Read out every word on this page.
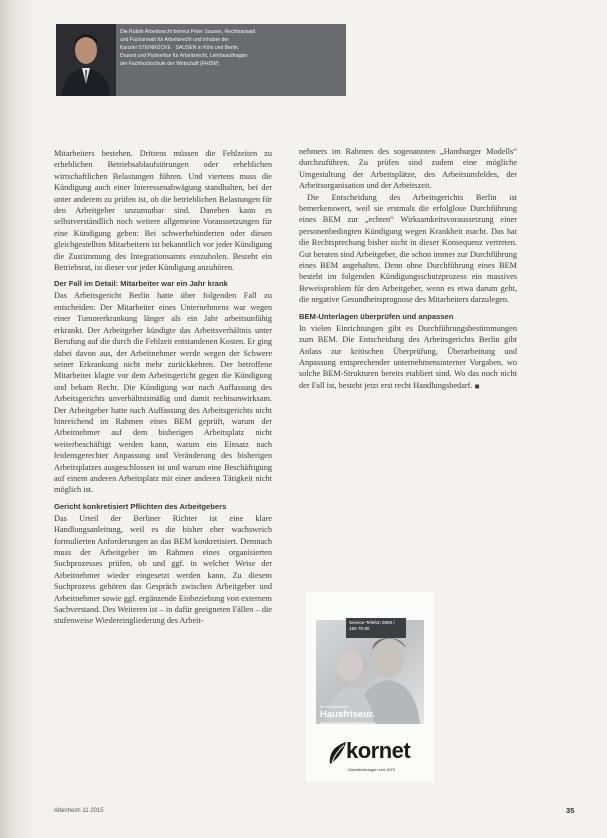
Die Rubrik Arbeitsrecht betreut Peter Sausen, Rechtsanwalt
und Fachanwalt für Arbeitsrecht und Inhaber der
Kanzlei STEINRÜCKE · SAUSEN in Köln und Berlin.
Dozent und Partneritor für Arbeitsrecht, Lehrbeauftragter
der Fachhochschule der Wirtschaft (FHDW)

Mitarbeiters bestehen. Drittens müssen die Fehlzeiten zu erheblichen Betriebsablaufstörungen oder erheblichen wirtschaftlichen Belastungen führen. Und viertens muss die Kündigung auch einer Interessenabwägung standhalten, bei der unter anderem zu prüfen ist, ob die betrieblichen Belastungen für den Arbeitgeber unzumutbar sind. Daneben kann es selbstverständlich noch weitere allgemeine Voraussetzungen für eine Kündigung geben: Bei schwerbehinderten oder diesen gleichgestellten Mitarbeitern ist bekanntlich vor jeder Kündigung die Zustimmung des Integrationsamts einzuholen. Besteht ein Betriebsrat, ist dieser vor jeder Kündigung anzuhören.

Der Fall im Detail: Mitarbeiter war ein Jahr krank

Das Arbeitsgericht Berlin hatte über folgenden Fall zu entscheiden: Der Mitarbeiter eines Unternehmens war wegen einer Tumorerkrankung länger als ein Jahr arbeitsunfähig erkrankt. Der Arbeitgeber kündigte das Arbeitsverhältnis unter Berufung auf die durch die Fehlzeit entstandenen Kosten. Er ging dabei davon aus, der Arbeitnehmer werde wegen der Schwere seiner Erkrankung nicht mehr zurückkehren. Der betroffene Mitarbeiter klagte vor dem Arbeitsgericht gegen die Kündigung und bekam Recht. Die Kündigung war nach Auffassung des Arbeitsgerichts unverhältnismäßig und damit rechtsunwirksam. Der Arbeitgeber hatte nach Auffassung des Arbeitsgerichts nicht hinreichend im Rahmen eines BEM geprüft, warum der Arbeitnehmer auf dem bisherigen Arbeitsplatz nicht weiterbeschäftigt werden kann, warum ein Einsatz nach leidensgerechter Anpassung und Veränderung des bisherigen Arbeitsplatzes ausgeschlossen ist und warum eine Beschäftigung auf einem anderen Arbeitsplatz mit einer anderen Tätigkeit nicht möglich ist.

Gericht konkretisiert Pflichten des Arbeitgebers

Das Urteil der Berliner Richter ist eine klare Handlungsanleitung, weil es die bisher eher wachsweich formulierten Anforderungen an das BEM konkretisiert. Demnach muss der Arbeitgeber im Rahmen eines organisierten Suchprozesses prüfen, ob und ggf. in welcher Weise der Arbeitnehmer wieder eingesetzt werden kann. Zu diesem Suchprozess gehören das Gespräch zwischen Arbeitgeber und Arbeitnehmer sowie ggf. ergänzende Einbeziehung von externem Sachverstand. Des Weiteren ist – in dafür geeigneten Fällen – die stufenweise Wiedereingliederung des Arbeit-

nehmers im Rahmen des sogenannten „Hamburger Modells“ durchzuführen. Zu prüfen sind zudem eine mögliche Umgestaltung der Arbeitsplätze, des Arbeitsumfeldes, der Arbeitsorganisation und der Arbeitszeit.

Die Entscheidung des Arbeitsgerichts Berlin ist bemerkenswert, weil sie erstmals die erfolglose Durchführung eines BEM zur „echten“ Wirksamkeitsvoraussetzung einer personenbedingten Kündigung wegen Krankheit macht. Das hat die Rechtsprechung bisher nicht in dieser Konsequenz vertreten. Gut beraten sind Arbeitgeber, die schon immer zur Durchführung eines BEM angehalten. Denn ohne Durchführung eines BEM besteht im folgenden Kündigungsschutzprozess ein massives Beweisproblem für den Arbeitgeber, wenn es etwa darum geht, die negative Gesundheitsprognose des Mitarbeiters darzulegen.

BEM-Unterlagen überprüfen und anpassen

In vielen Einrichtungen gibt es Durchführungsbestimmungen zum BEM. Die Entscheidung des Arbeitsgerichts Berlin gibt Anlass zur kritischen Überprüfung, Überarbeitung und Anpassung entsprechender unternehmensinterner Vorgaben, wo solche BEM-Strukturen bereits etabliert sind. Wo das noch nicht der Fall ist, besteht jetzt erst recht Handlungsbedarf. ◼

Service-Telefon 0800 / 190 70 80
Ihr europäischer
Hausfriseur.
www.kornet-dienstleistungen.de
kornet
Dienstleistungen seit 1975
Altenheim 11 2015	35
